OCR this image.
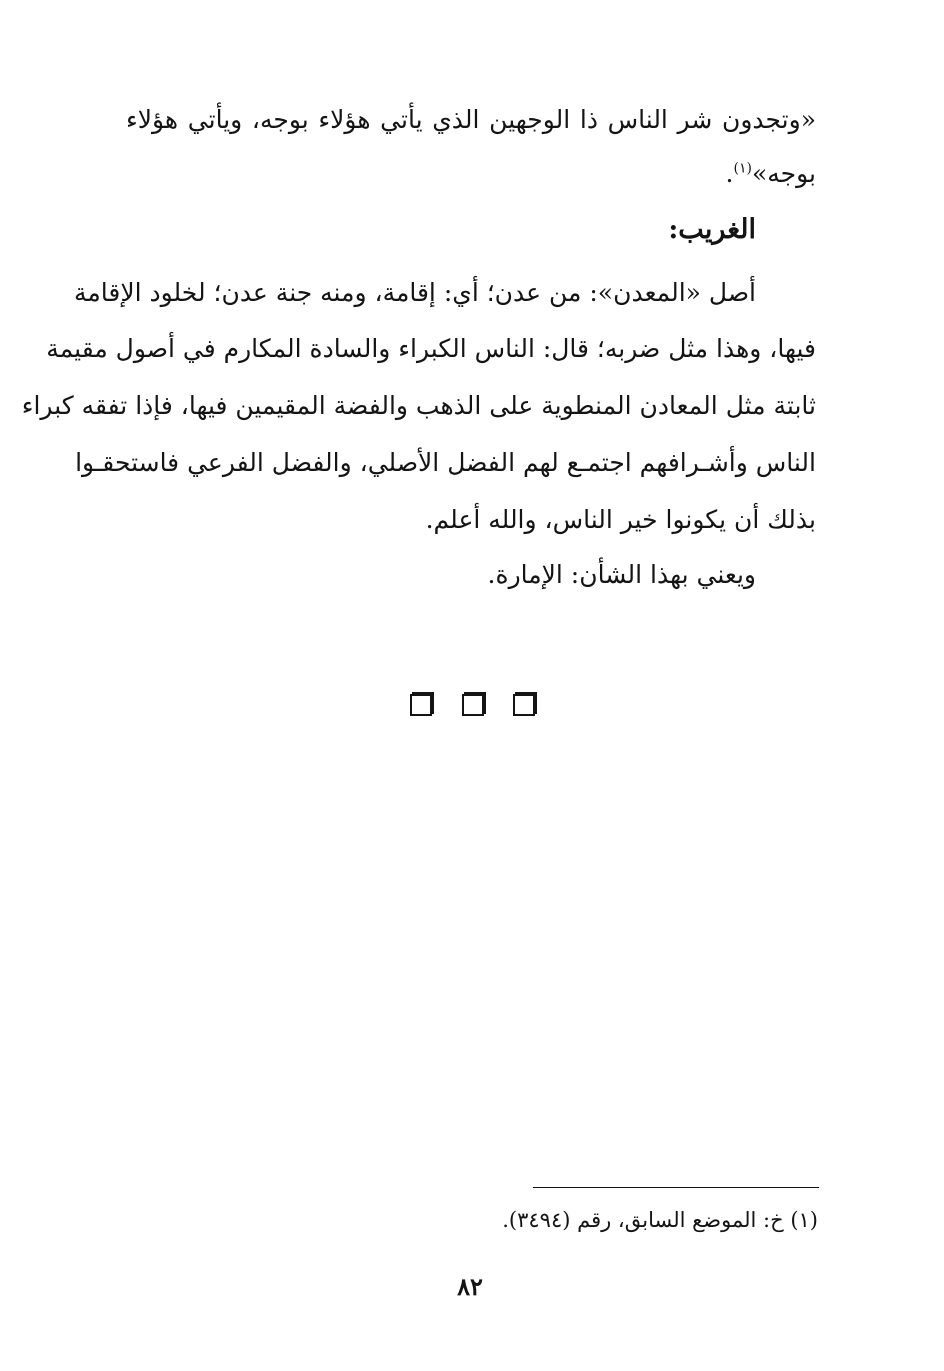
«وتجدون شر الناس ذا الوجهين الذي يأتي هؤلاء بوجه، ويأتي هؤلاء
بوجه»$^{(١)}$.
الغريب:
أصل «المعدن»: من عدن؛ أي: إقامة، ومنه جنة عدن؛ لخلود الإقامة
فيها، وهذا مثل ضربه؛ قال: الناس الكبراء والسادة المكارم في أصول مقيمة
ثابتة مثل المعادن المنطوية على الذهب والفضة المقيمين فيها، فإذا تفقه كبراء
الناس وأشـرافهم اجتمـع لهم الفضل الأصلي، والفضل الفرعي فاستحقـوا
بذلك أن يكونوا خير الناس، والله أعلم.
ويعني بهذا الشأن: الإمارة.
(١) خ: الموضع السابق، رقم (٣٤٩٤).
٨٢
